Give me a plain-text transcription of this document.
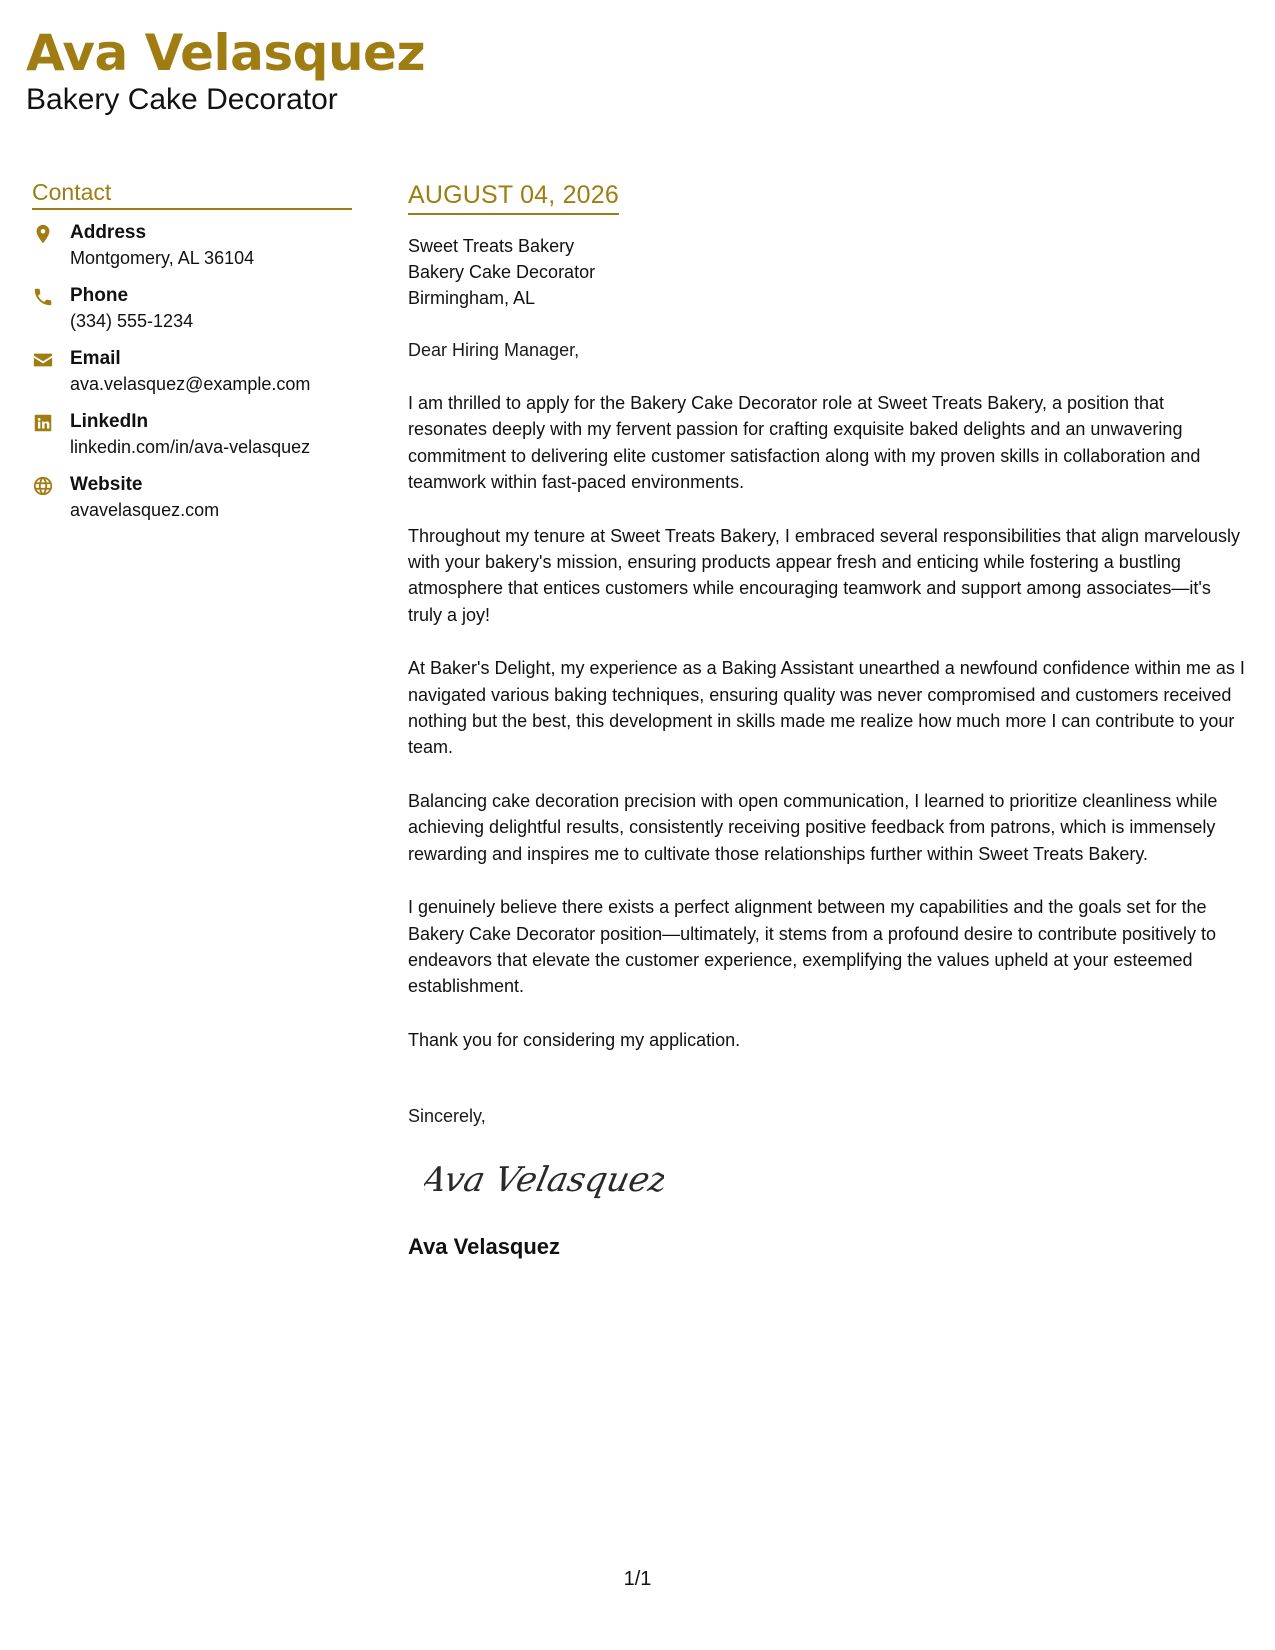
Ava Velasquez
Bakery Cake Decorator
Contact
Address
Montgomery, AL 36104
Phone
(334) 555-1234
Email
ava.velasquez@example.com
LinkedIn
linkedin.com/in/ava-velasquez
Website
avavelasquez.com
AUGUST 04, 2026
Sweet Treats Bakery
Bakery Cake Decorator
Birmingham, AL
Dear Hiring Manager,
I am thrilled to apply for the Bakery Cake Decorator role at Sweet Treats Bakery, a position that resonates deeply with my fervent passion for crafting exquisite baked delights and an unwavering commitment to delivering elite customer satisfaction along with my proven skills in collaboration and teamwork within fast-paced environments.
Throughout my tenure at Sweet Treats Bakery, I embraced several responsibilities that align marvelously with your bakery's mission, ensuring products appear fresh and enticing while fostering a bustling atmosphere that entices customers while encouraging teamwork and support among associates—it's truly a joy!
At Baker's Delight, my experience as a Baking Assistant unearthed a newfound confidence within me as I navigated various baking techniques, ensuring quality was never compromised and customers received nothing but the best, this development in skills made me realize how much more I can contribute to your team.
Balancing cake decoration precision with open communication, I learned to prioritize cleanliness while achieving delightful results, consistently receiving positive feedback from patrons, which is immensely rewarding and inspires me to cultivate those relationships further within Sweet Treats Bakery.
I genuinely believe there exists a perfect alignment between my capabilities and the goals set for the Bakery Cake Decorator position—ultimately, it stems from a profound desire to contribute positively to endeavors that elevate the customer experience, exemplifying the values upheld at your esteemed establishment.
Thank you for considering my application.
Sincerely,
Ava Velasquez
Ava Velasquez
1/1
